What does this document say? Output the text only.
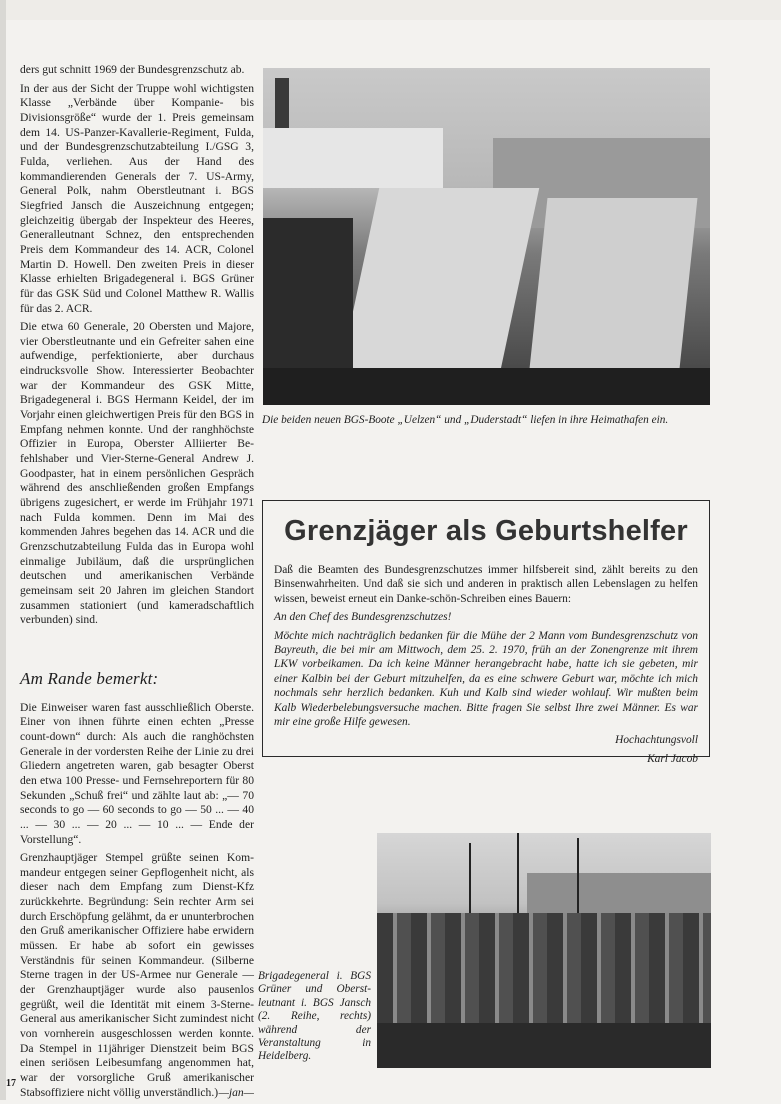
ders gut schnitt 1969 der Bundesgrenzschutz ab.

In der aus der Sicht der Truppe wohl wichtigsten Klasse „Verbände über Kompanie- bis Divisionsgröße“ wurde der 1. Preis gemeinsam dem 14. US-Panzer-Kavallerie-Regiment, Fulda, und der Bundesgrenzschutzabteilung I./GSG 3, Fulda, verliehen. Aus der Hand des kommandierenden Generals der 7. US-Army, General Polk, nahm Oberstleutnant i. BGS Siegfried Jansch die Auszeichnung entgegen; gleichzeitig übergab der Inspekteur des Heeres, Generalleutnant Schnez, den entsprechenden Preis dem Kommandeur des 14. ACR, Colonel Martin D. Howell. Den zweiten Preis in dieser Klasse erhielten Brigadegeneral i. BGS Grüner für das GSK Süd und Colonel Matthew R. Wallis für das 2. ACR.

Die etwa 60 Generale, 20 Obersten und Majore, vier Oberstleutnante und ein Gefreiter sahen eine aufwendige, perfektionierte, aber durchaus eindrucksvolle Show. Interessierter Beobachter war der Kommandeur des GSK Mitte, Brigadegeneral i. BGS Hermann Keidel, der im Vorjahr einen gleichwertigen Preis für den BGS in Empfang nehmen konnte. Und der ranghhöchste Offizier in Europa, Oberster Alliierter Befehlshaber und Vier-Sterne-General Andrew J. Goodpaster, hat in einem persönlichen Gespräch während des anschließenden großen Empfangs übrigens zugesichert, er werde im Frühjahr 1971 nach Fulda kommen. Denn im Mai des kommenden Jahres begehen das 14. ACR und die Grenzschutzabteilung Fulda das in Europa wohl einmalige Jubiläum, daß die ursprünglichen deutschen und amerikanischen Verbände gemeinsam seit 20 Jahren im gleichen Standort zusammen stationiert (und kameradschaftlich verbunden) sind.

Am Rande bemerkt:

Die Einweiser waren fast ausschließlich Oberste. Einer von ihnen führte einen echten „Presse count-down“ durch: Als auch die ranghöchsten Generale in der vordersten Reihe der Linie zu drei Gliedern angetreten waren, gab besagter Oberst den etwa 100 Presse- und Fernsehreportern für 80 Sekunden „Schuß frei“ und zählte laut ab: „— 70 seconds to go — 60 seconds to go — 50 ... — 40 ... — 30 ... — 20 ... — 10 ... — Ende der Vorstellung“.

Grenzhauptjäger Stempel grüßte seinen Kommandeur entgegen seiner Gepflogenheit nicht, als dieser nach dem Empfang zum Dienst-Kfz zurückkehrte. Begründung: Sein rechter Arm sei durch Erschöpfung gelähmt, da er ununterbrochen den Gruß amerikanischer Offiziere habe erwidern müssen. Er habe ab sofort ein gewisses Verständnis für seinen Kommandeur. (Silberne Sterne tragen in der US-Armee nur Generale — der Grenzhauptjäger wurde also pausenlos gegrüßt, weil die Identität mit einem 3-Sterne-General aus amerikanischer Sicht zumindest nicht von vornherein ausgeschlossen werden konnte. Da Stempel in 11jähriger Dienstzeit beim BGS einen seriösen Leibesumfang angenommen hat, war der vorsorgliche Gruß amerikanischer Stabsoffiziere nicht völlig unverständlich.) —jan—

17
Die beiden neuen BGS-Boote „Uelzen“ und „Duderstadt“ liefen in ihre Heimathafen ein.
Grenzjäger als Geburtshelfer

Daß die Beamten des Bundesgrenzschutzes immer hilfsbereit sind, zählt bereits zu den Binsenwahrheiten. Und daß sie sich und anderen in praktisch allen Lebenslagen zu helfen wissen, beweist erneut ein Danke-schön-Schreiben eines Bauern:

An den Chef des Bundesgrenzschutzes!

Möchte mich nachträglich bedanken für die Mühe der 2 Mann vom Bundesgrenzschutz von Bayreuth, die bei mir am Mittwoch, dem 25. 2. 1970, früh an der Zonengrenze mit ihrem LKW vorbeikamen. Da ich keine Männer herangebracht habe, hatte ich sie gebeten, mir einer Kalbin bei der Geburt mitzuhelfen, da es eine schwere Geburt war, möchte ich mich nochmals sehr herzlich bedanken. Kuh und Kalb sind wieder wohlauf. Wir mußten beim Kalb Wiederbelebungsversuche machen. Bitte fragen Sie selbst Ihre zwei Männer. Es war mir eine große Hilfe gewesen.

Hochachtungsvoll

Karl Jacob

Brigadegeneral i. BGS Grüner und Oberstleutnant i. BGS Jansch (2. Reihe, rechts) während der Veranstaltung in Heidelberg.
